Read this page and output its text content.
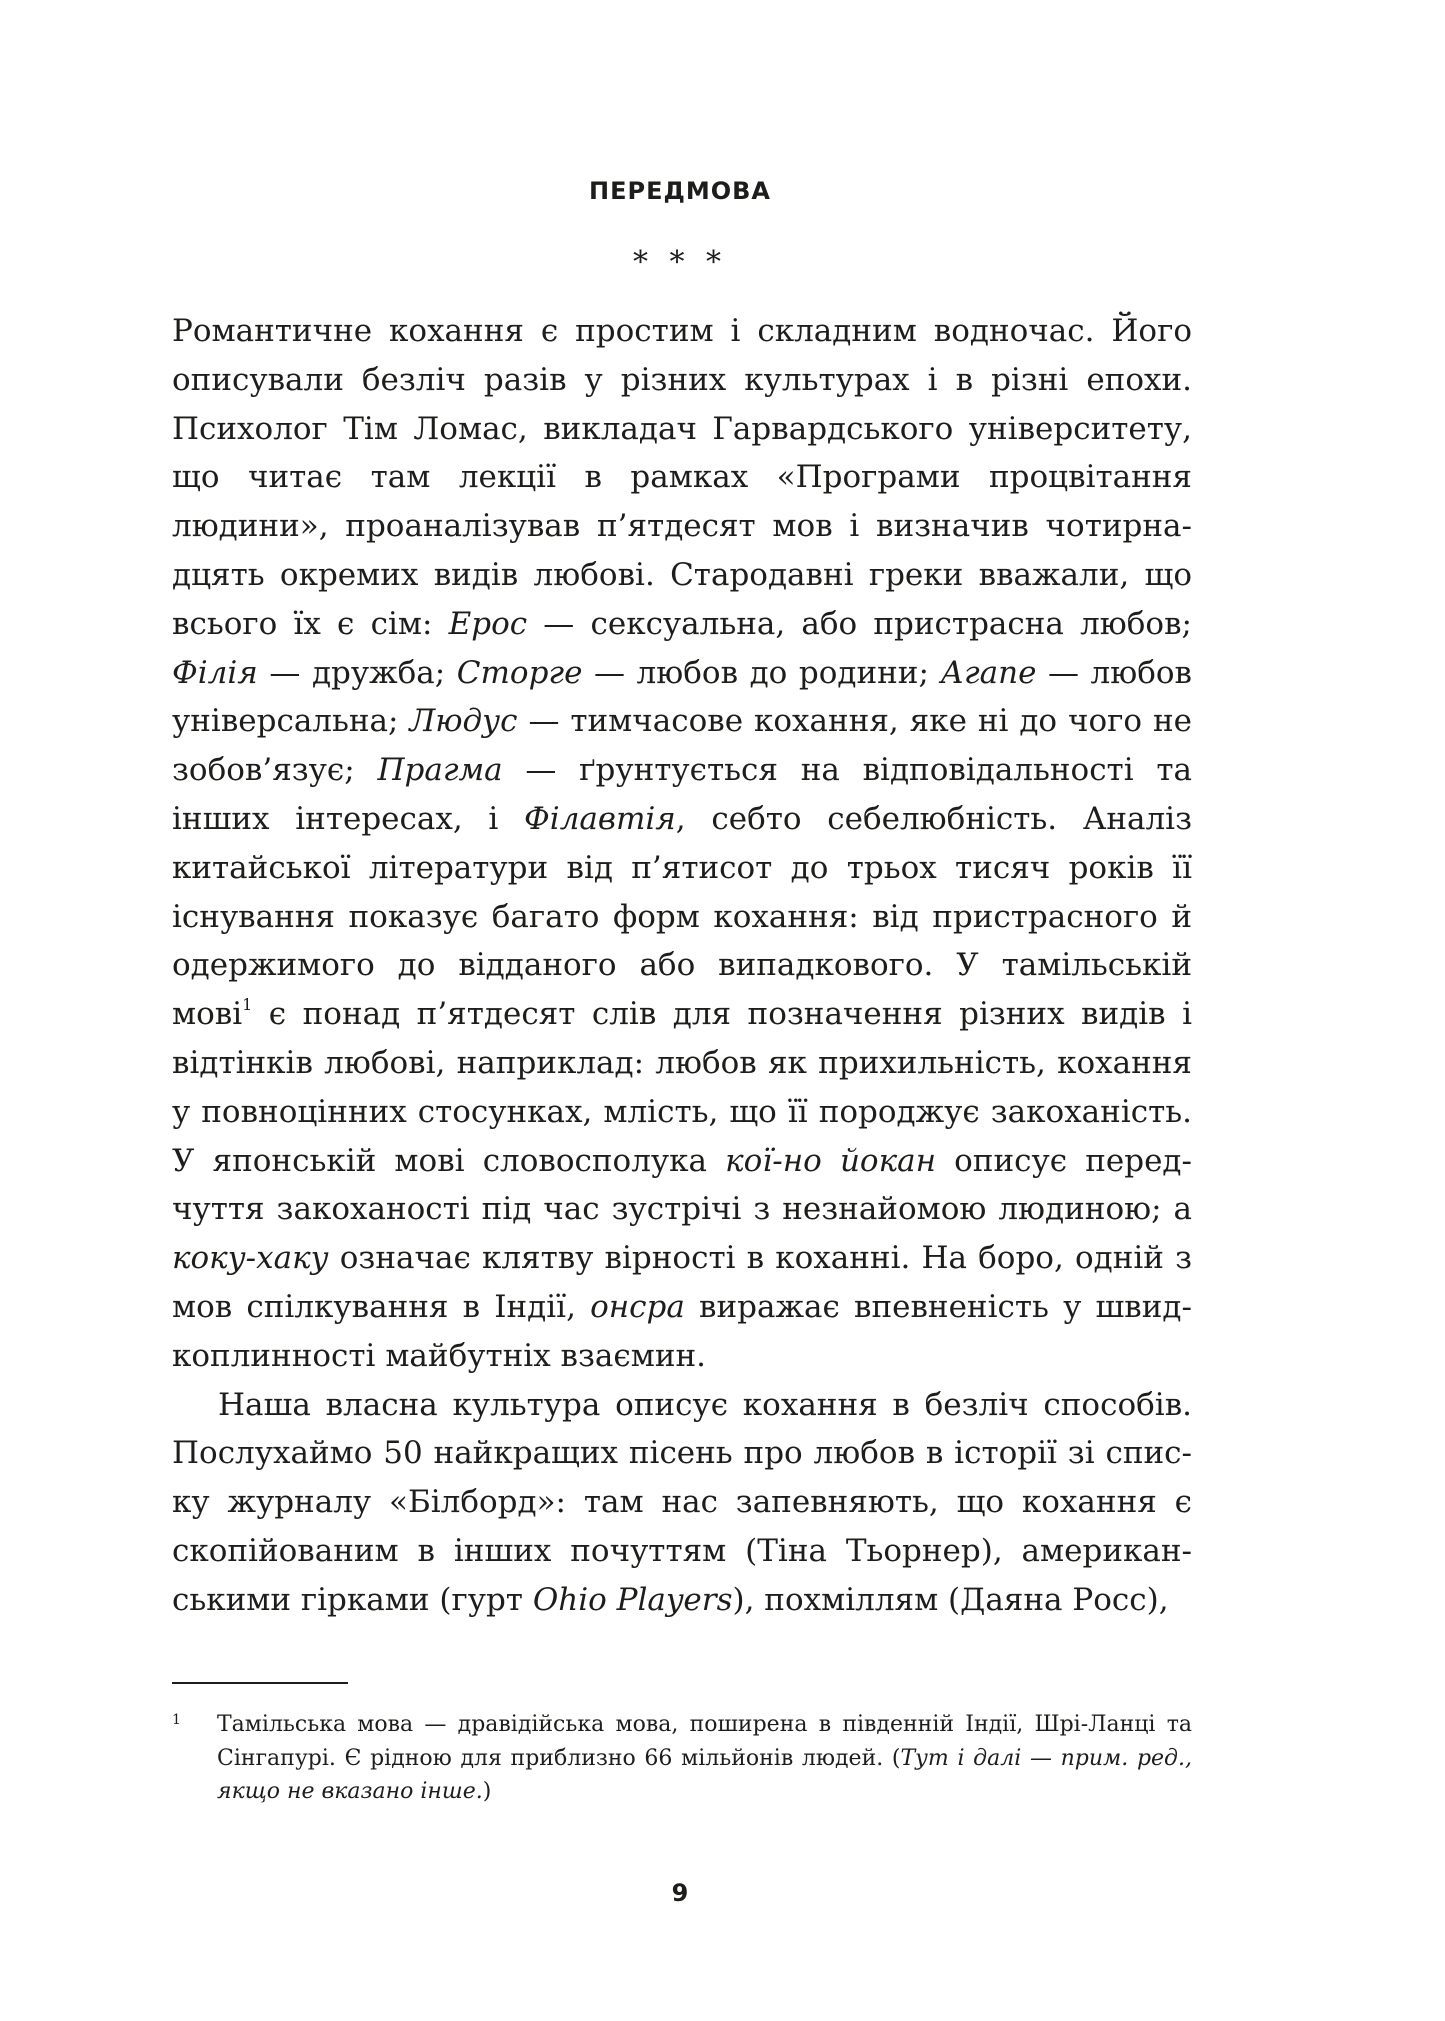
ПЕРЕДМОВА
* * *

Романтичне кохання є простим і складним водночас. Його описували безліч разів у різних культурах і в різні епохи. Психолог Тім Ломас, викладач Гарвардського університету, що читає там лекції в рамках «Програми процвітання людини», проаналізував п’ятдесят мов і визначив чотирнадцять окремих видів любові. Стародавні греки вважали, що всього їх є сім: Ерос — сексуальна, або пристрасна любов; Філія — дружба; Сторге — любов до родини; Агапе — любов універсальна; Людус — тимчасове кохання, яке ні до чого не зобов’язує; Прагма — ґрунтується на відповідальності та інших інтересах, і Філавтія, себто себелюбність. Аналіз китайської літератури від п’ятисот до трьох тисяч років її існування показує багато форм кохання: від пристрасного й одержимого до відданого або випадкового. У тамільській мові$^1$ є понад п’ятдесят слів для позначення різних видів і відтінків любові, наприклад: любов як прихильність, кохання у повноцінних стосунках, млість, що її породжує закоханість. У японській мові словосполука кої-но йокан описує передчуття закоханості під час зустрічі з незнайомою людиною; а коку-хаку означає клятву вірності в коханні. На боро, одній з мов спілкування в Індії, онсра виражає впевненість у швидкоплинності майбутніх взаємин.

Наша власна культура описує кохання в безліч способів. Послухаймо 50 найкращих пісень про любов в історії зі списку журналу «Білборд»: там нас запевняють, що кохання є скопійованим в інших почуттям (Тіна Тьорнер), американськими гірками (гурт Ohio Players), похміллям (Даяна Росс),

1 Тамільська мова — дравідійська мова, поширена в південній Індії, Шрі-Ланці та Сінгапурі. Є рідною для приблизно 66 мільйонів людей. (Тут і далі — прим. ред., якщо не вказано інше.)
9
